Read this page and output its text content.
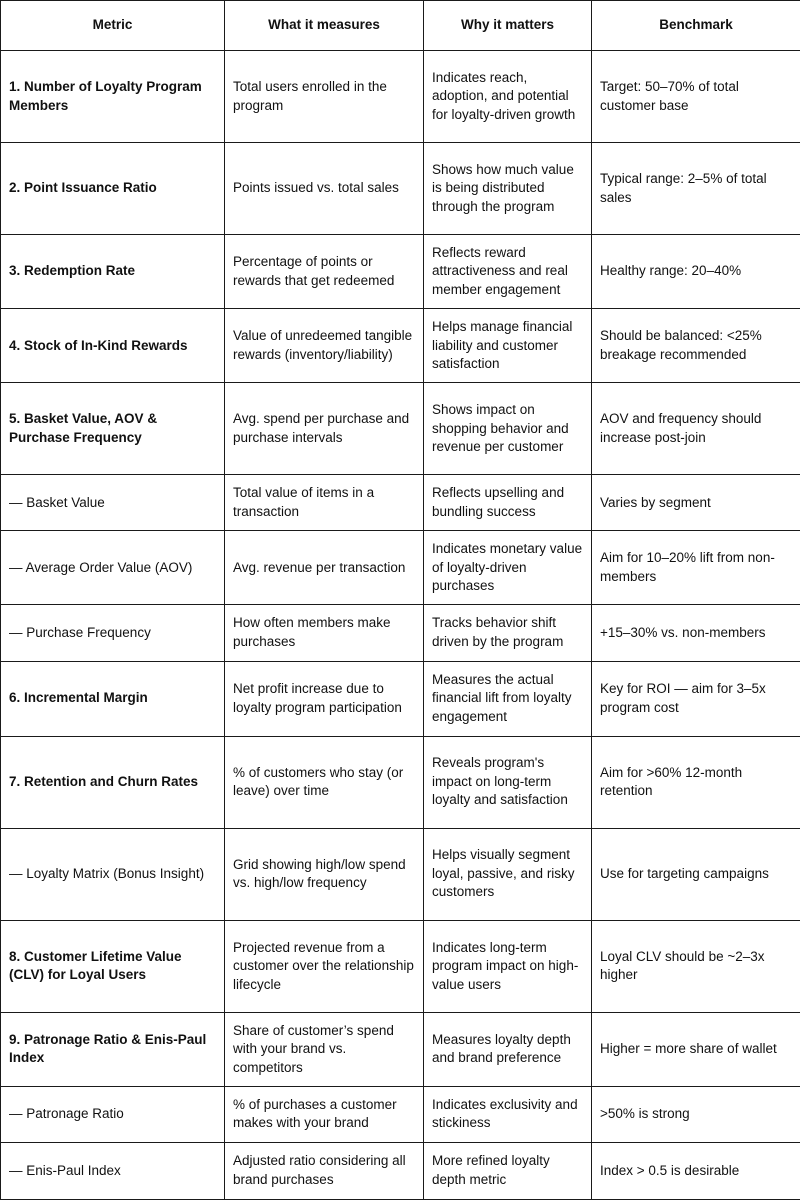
Metric	What it measures	Why it matters	Benchmark
1. Number of Loyalty Program Members	Total users enrolled in the program	Indicates reach, adoption, and potential for loyalty-driven growth	Target: 50–70% of total customer base
2. Point Issuance Ratio	Points issued vs. total sales	Shows how much value is being distributed through the program	Typical range: 2–5% of total sales
3. Redemption Rate	Percentage of points or rewards that get redeemed	Reflects reward attractiveness and real member engagement	Healthy range: 20–40%
4. Stock of In-Kind Rewards	Value of unredeemed tangible rewards (inventory/liability)	Helps manage financial liability and customer satisfaction	Should be balanced: <25% breakage recommended
5. Basket Value, AOV & Purchase Frequency	Avg. spend per purchase and purchase intervals	Shows impact on shopping behavior and revenue per customer	AOV and frequency should increase post-join
— Basket Value	Total value of items in a transaction	Reflects upselling and bundling success	Varies by segment
— Average Order Value (AOV)	Avg. revenue per transaction	Indicates monetary value of loyalty-driven purchases	Aim for 10–20% lift from non-members
— Purchase Frequency	How often members make purchases	Tracks behavior shift driven by the program	+15–30% vs. non-members
6. Incremental Margin	Net profit increase due to loyalty program participation	Measures the actual financial lift from loyalty engagement	Key for ROI — aim for 3–5x program cost
7. Retention and Churn Rates	% of customers who stay (or leave) over time	Reveals program's impact on long-term loyalty and satisfaction	Aim for >60% 12-month retention
— Loyalty Matrix (Bonus Insight)	Grid showing high/low spend vs. high/low frequency	Helps visually segment loyal, passive, and risky customers	Use for targeting campaigns
8. Customer Lifetime Value (CLV) for Loyal Users	Projected revenue from a customer over the relationship lifecycle	Indicates long-term program impact on high-value users	Loyal CLV should be ~2–3x higher
9. Patronage Ratio & Enis-Paul Index	Share of customer’s spend with your brand vs. competitors	Measures loyalty depth and brand preference	Higher = more share of wallet
— Patronage Ratio	% of purchases a customer makes with your brand	Indicates exclusivity and stickiness	>50% is strong
— Enis-Paul Index	Adjusted ratio considering all brand purchases	More refined loyalty depth metric	Index > 0.5 is desirable
